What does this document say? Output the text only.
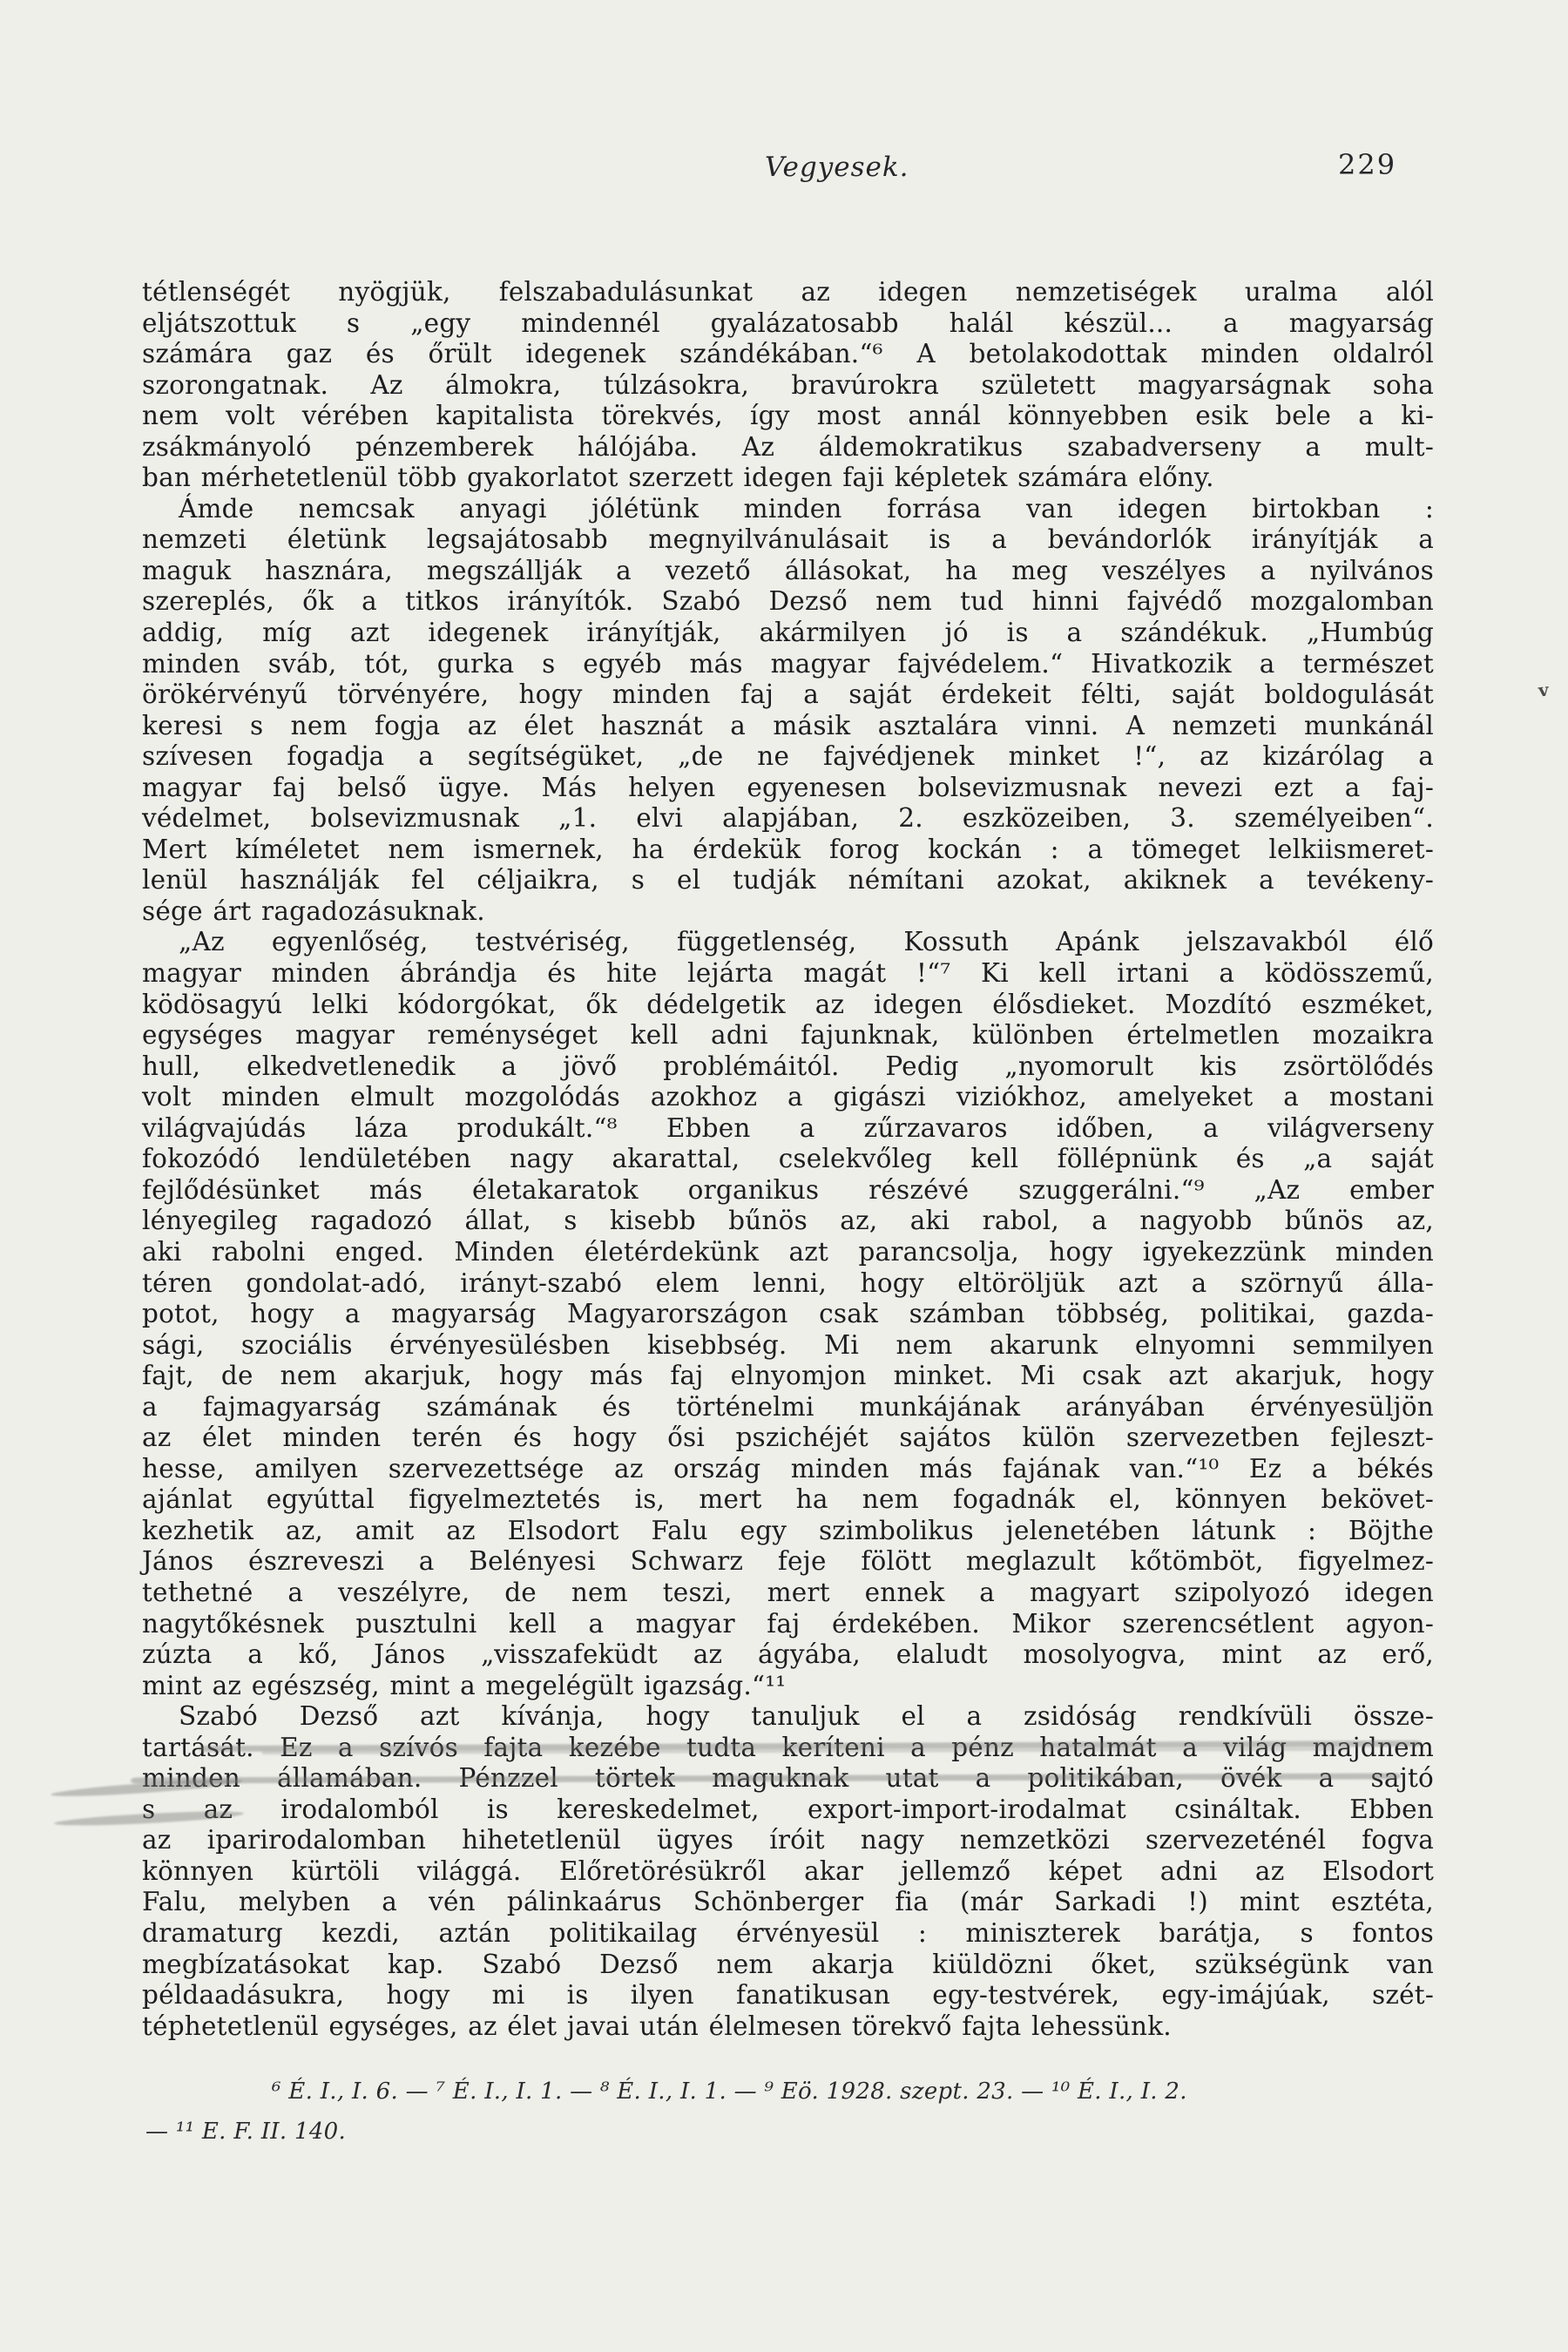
Vegyesek.	229
tétlenségét nyögjük, felszabadulásunkat az idegen nemzetiségek uralma alól
eljátszottuk s „egy mindennél gyalázatosabb halál készül... a magyarság
számára gaz és őrült idegenek szándékában.“⁶ A betolakodottak minden oldalról
szorongatnak. Az álmokra, túlzásokra, bravúrokra született magyarságnak soha
nem volt vérében kapitalista törekvés, így most annál könnyebben esik bele a ki-
zsákmányoló pénzemberek hálójába. Az áldemokratikus szabadverseny a mult-
ban mérhetetlenül több gyakorlatot szerzett idegen faji képletek számára előny.
Ámde nemcsak anyagi jólétünk minden forrása van idegen birtokban :
nemzeti életünk legsajátosabb megnyilvánulásait is a bevándorlók irányítják a
maguk hasznára, megszállják a vezető állásokat, ha meg veszélyes a nyilvános
szereplés, ők a titkos irányítók. Szabó Dezső nem tud hinni fajvédő mozgalomban
addig, míg azt idegenek irányítják, akármilyen jó is a szándékuk. „Humbúg
minden sváb, tót, gurka s egyéb más magyar fajvédelem.“ Hivatkozik a természet
örökérvényű törvényére, hogy minden faj a saját érdekeit félti, saját boldogulását
keresi s nem fogja az élet hasznát a másik asztalára vinni. A nemzeti munkánál
szívesen fogadja a segítségüket, „de ne fajvédjenek minket !“, az kizárólag a
magyar faj belső ügye. Más helyen egyenesen bolsevizmusnak nevezi ezt a faj-
védelmet, bolsevizmusnak „1. elvi alapjában, 2. eszközeiben, 3. személyeiben“.
Mert kíméletet nem ismernek, ha érdekük forog kockán : a tömeget lelkiismeret-
lenül használják fel céljaikra, s el tudják némítani azokat, akiknek a tevékeny-
sége árt ragadozásuknak.
„Az egyenlőség, testvériség, függetlenség, Kossuth Apánk jelszavakból élő
magyar minden ábrándja és hite lejárta magát !“⁷ Ki kell irtani a ködösszemű,
ködösagyú lelki kódorgókat, ők dédelgetik az idegen élősdieket. Mozdító eszméket,
egységes magyar reménységet kell adni fajunknak, különben értelmetlen mozaikra
hull, elkedvetlenedik a jövő problémáitól. Pedig „nyomorult kis zsörtölődés
volt minden elmult mozgolódás azokhoz a gigászi viziókhoz, amelyeket a mostani
világvajúdás láza produkált.“⁸ Ebben a zűrzavaros időben, a világverseny
fokozódó lendületében nagy akarattal, cselekvőleg kell föllépnünk és „a saját
fejlődésünket más életakaratok organikus részévé szuggerálni.“⁹ „Az ember
lényegileg ragadozó állat, s kisebb bűnös az, aki rabol, a nagyobb bűnös az,
aki rabolni enged. Minden életérdekünk azt parancsolja, hogy igyekezzünk minden
téren gondolat-adó, irányt-szabó elem lenni, hogy eltöröljük azt a szörnyű álla-
potot, hogy a magyarság Magyarországon csak számban többség, politikai, gazda-
sági, szociális érvényesülésben kisebbség. Mi nem akarunk elnyomni semmilyen
fajt, de nem akarjuk, hogy más faj elnyomjon minket. Mi csak azt akarjuk, hogy
a fajmagyarság számának és történelmi munkájának arányában érvényesüljön
az élet minden terén és hogy ősi pszichéjét sajátos külön szervezetben fejleszt-
hesse, amilyen szervezettsége az ország minden más fajának van.“¹⁰ Ez a békés
ajánlat egyúttal figyelmeztetés is, mert ha nem fogadnák el, könnyen bekövet-
kezhetik az, amit az Elsodort Falu egy szimbolikus jelenetében látunk : Böjthe
János észreveszi a Belényesi Schwarz feje fölött meglazult kőtömböt, figyelmez-
tethetné a veszélyre, de nem teszi, mert ennek a magyart szipolyozó idegen
nagytőkésnek pusztulni kell a magyar faj érdekében. Mikor szerencsétlent agyon-
zúzta a kő, János „visszafeküdt az ágyába, elaludt mosolyogva, mint az erő,
mint az egészség, mint a megelégült igazság.“¹¹
Szabó Dezső azt kívánja, hogy tanuljuk el a zsidóság rendkívüli össze-
tartását. Ez a szívós fajta kezébe tudta keríteni a pénz hatalmát a világ majdnem
minden államában. Pénzzel törtek maguknak utat a politikában, övék a sajtó
s az irodalomból is kereskedelmet, export-import-irodalmat csináltak. Ebben
az iparirodalomban hihetetlenül ügyes íróit nagy nemzetközi szervezeténél fogva
könnyen kürtöli világgá. Előretörésükről akar jellemző képet adni az Elsodort
Falu, melyben a vén pálinkaárus Schönberger fia (már Sarkadi !) mint esztéta,
dramaturg kezdi, aztán politikailag érvényesül : miniszterek barátja, s fontos
megbízatásokat kap. Szabó Dezső nem akarja kiüldözni őket, szükségünk van
példaadásukra, hogy mi is ilyen fanatikusan egy-testvérek, egy-imájúak, szét-
téphetetlenül egységes, az élet javai után élelmesen törekvő fajta lehessünk.
⁶ É. I., I. 6. — ⁷ É. I., I. 1. — ⁸ É. I., I. 1. — ⁹ Eö. 1928. szept. 23. — ¹⁰ É. I., I. 2.
— ¹¹ E. F. II. 140.
v
